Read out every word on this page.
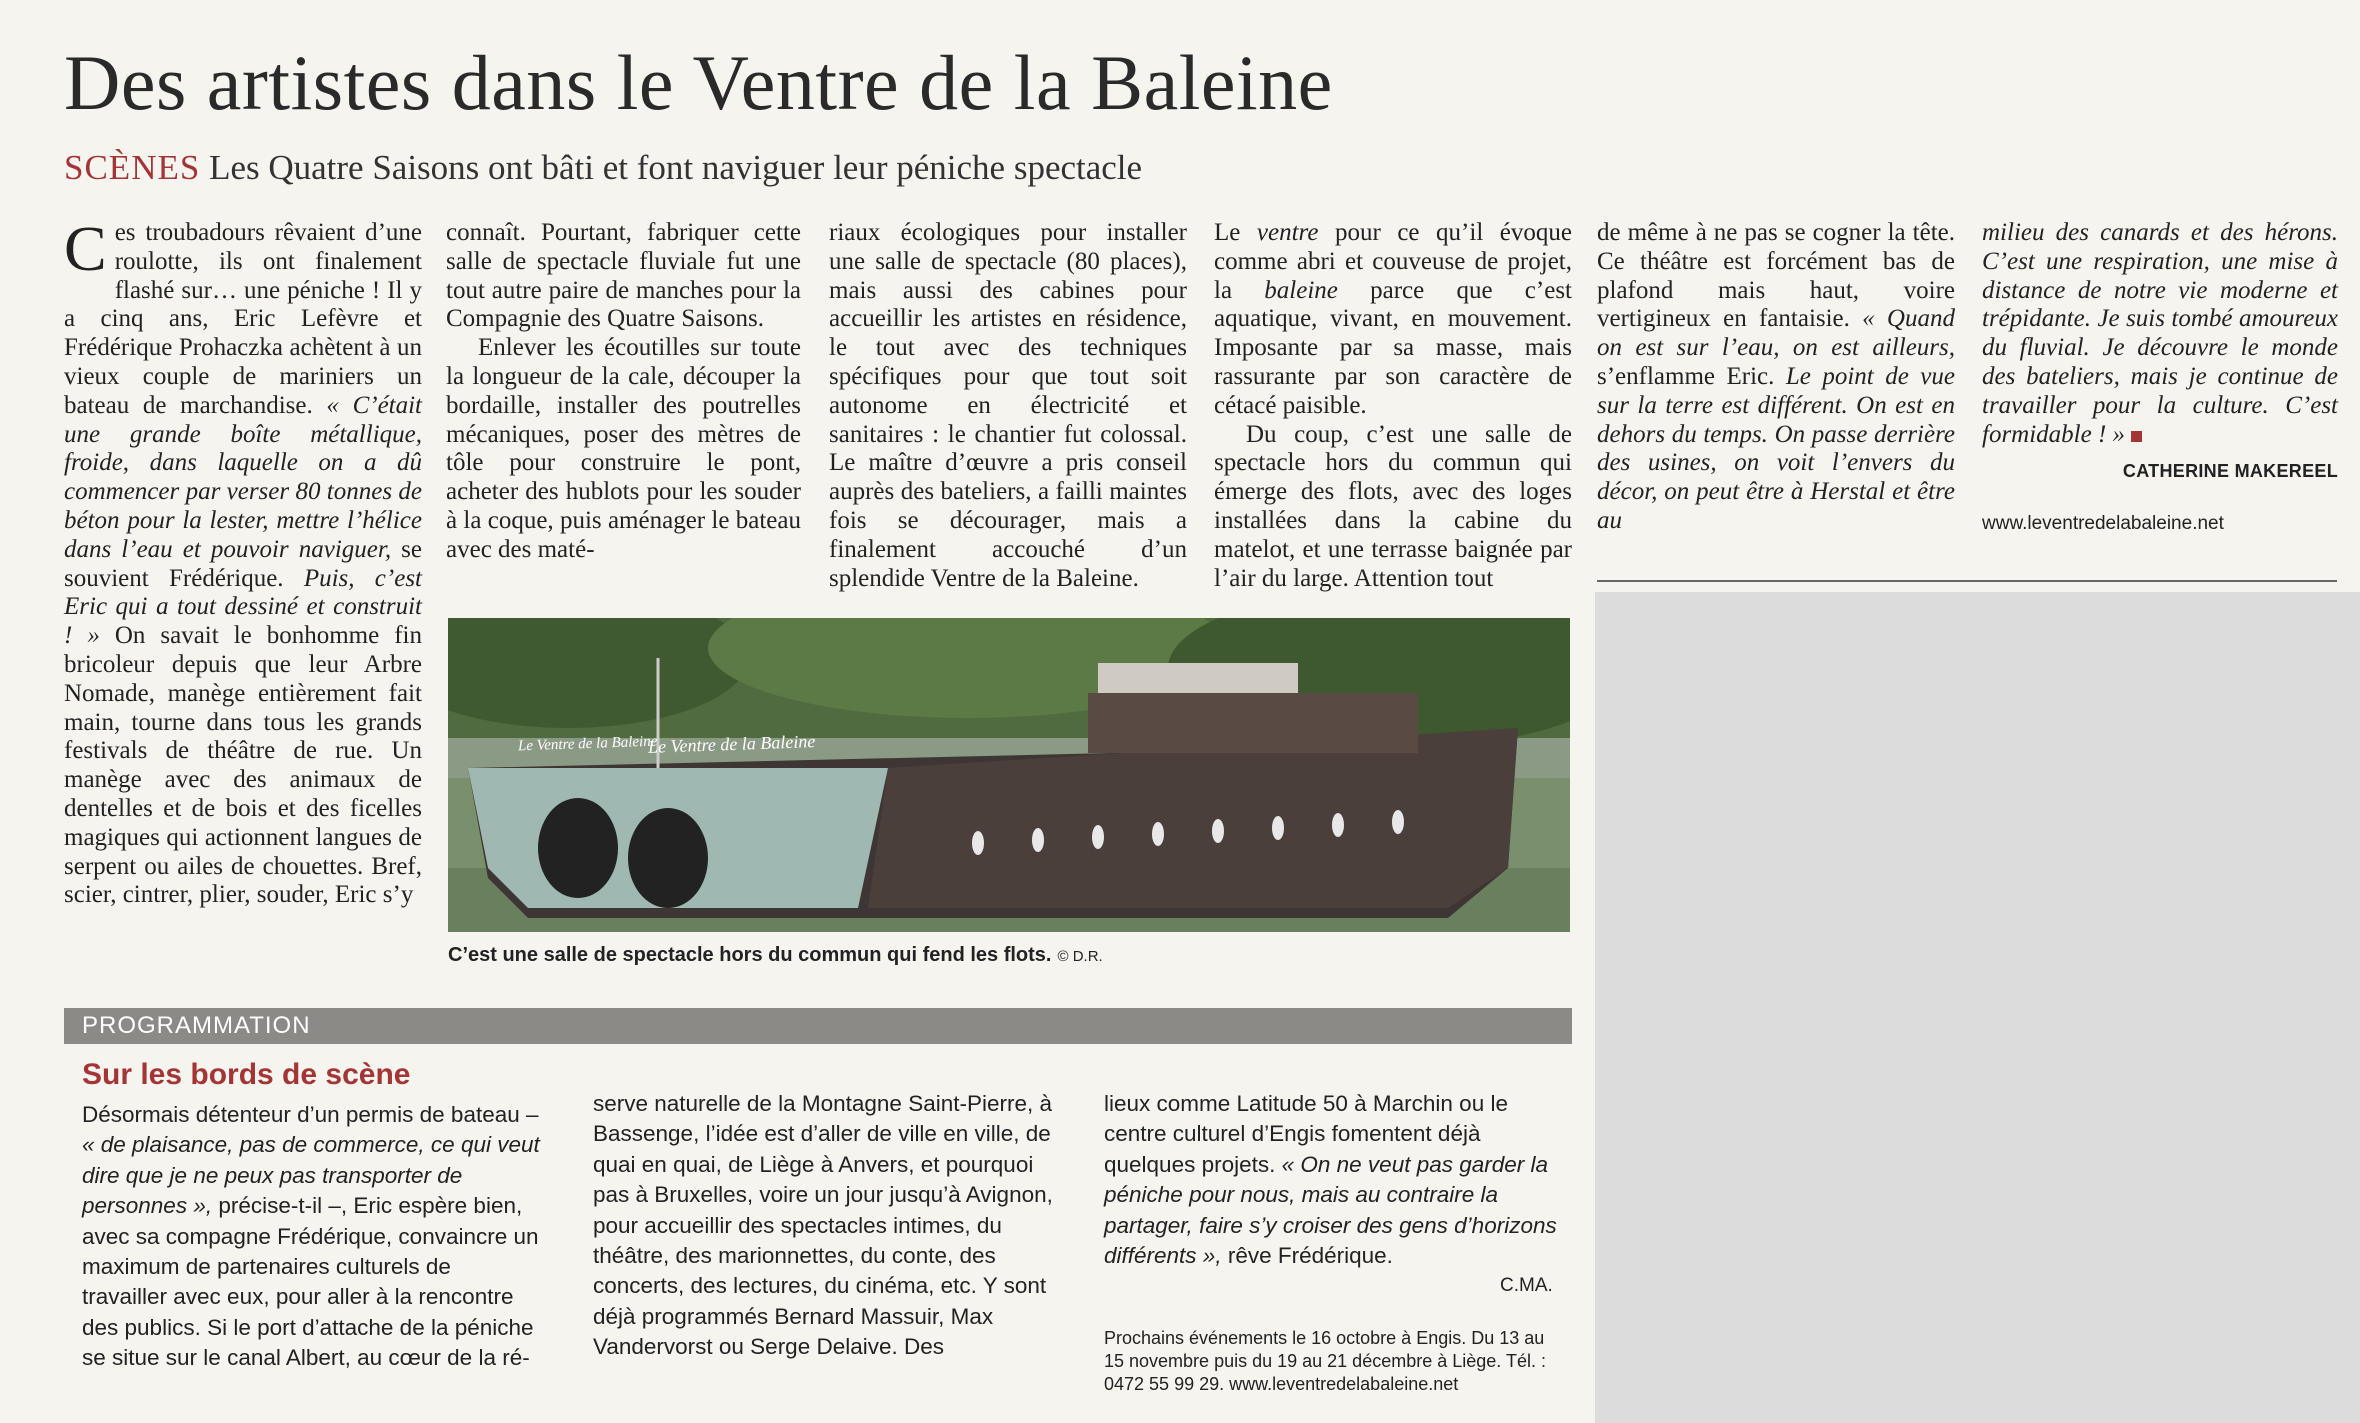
Des artistes dans le Ventre de la Baleine
SCÈNES Les Quatre Saisons ont bâti et font naviguer leur péniche spectacle

Ces troubadours rêvaient d’une roulotte, ils ont finalement flashé sur… une péniche ! Il y a cinq ans, Eric Lefèvre et Frédérique Prohaczka achètent à un vieux couple de mariniers un bateau de marchandise. « C’était une grande boîte métallique, froide, dans laquelle on a dû commencer par verser 80 tonnes de béton pour la lester, mettre l’hélice dans l’eau et pouvoir naviguer, se souvient Frédérique. Puis, c’est Eric qui a tout dessiné et construit ! » On savait le bonhomme fin bricoleur depuis que leur Arbre Nomade, manège entièrement fait main, tourne dans tous les grands festivals de théâtre de rue. Un manège avec des animaux de dentelles et de bois et des ficelles magiques qui actionnent langues de serpent ou ailes de chouettes. Bref, scier, cintrer, plier, souder, Eric s’y

connaît. Pourtant, fabriquer cette salle de spectacle fluviale fut une tout autre paire de manches pour la Compagnie des Quatre Saisons.

Enlever les écoutilles sur toute la longueur de la cale, découper la bordaille, installer des poutrelles mécaniques, poser des mètres de tôle pour construire le pont, acheter des hublots pour les souder à la coque, puis aménager le bateau avec des maté-

riaux écologiques pour installer une salle de spectacle (80 places), mais aussi des cabines pour accueillir les artistes en résidence, le tout avec des techniques spécifiques pour que tout soit autonome en électricité et sanitaires : le chantier fut colossal. Le maître d’œuvre a pris conseil auprès des bateliers, a failli maintes fois se décourager, mais a finalement accouché d’un splendide Ventre de la Baleine.

Le ventre pour ce qu’il évoque comme abri et couveuse de projet, la baleine parce que c’est aquatique, vivant, en mouvement. Imposante par sa masse, mais rassurante par son caractère de cétacé paisible.

Du coup, c’est une salle de spectacle hors du commun qui émerge des flots, avec des loges installées dans la cabine du matelot, et une terrasse baignée par l’air du large. Attention tout

de même à ne pas se cogner la tête. Ce théâtre est forcément bas de plafond mais haut, voire vertigineux en fantaisie. « Quand on est sur l’eau, on est ailleurs, s’enflamme Eric. Le point de vue sur la terre est différent. On est en dehors du temps. On passe derrière des usines, on voit l’envers du décor, on peut être à Herstal et être au

milieu des canards et des hérons. C’est une respiration, une mise à distance de notre vie moderne et trépidante. Je suis tombé amoureux du fluvial. Je découvre le monde des bateliers, mais je continue de travailler pour la culture. C’est formidable ! »

CATHERINE MAKEREEL
www.leventredelabaleine.net
Le Ventre de la Baleine
Le Ventre de la Baleine
C’est une salle de spectacle hors du commun qui fend les flots. © D.R.
PROGRAMMATION
Sur les bords de scène

Désormais détenteur d’un permis de bateau – « de plaisance, pas de commerce, ce qui veut dire que je ne peux pas transporter de personnes », précise-t-il –, Eric espère bien, avec sa compagne Frédérique, convaincre un maximum de partenaires culturels de travailler avec eux, pour aller à la rencontre des publics. Si le port d’attache de la péniche se situe sur le canal Albert, au cœur de la ré-

serve naturelle de la Montagne Saint-Pierre, à Bassenge, l’idée est d’aller de ville en ville, de quai en quai, de Liège à Anvers, et pourquoi pas à Bruxelles, voire un jour jusqu’à Avignon, pour accueillir des spectacles intimes, du théâtre, des marionnettes, du conte, des concerts, des lectures, du cinéma, etc. Y sont déjà programmés Bernard Massuir, Max Vandervorst ou Serge Delaive. Des

lieux comme Latitude 50 à Marchin ou le centre culturel d’Engis fomentent déjà quelques projets. « On ne veut pas garder la péniche pour nous, mais au contraire la partager, faire s’y croiser des gens d’horizons différents », rêve Frédérique.

C.MA.
Prochains événements le 16 octobre à Engis. Du 13 au 15 novembre puis du 19 au 21 décembre à Liège. Tél. : 0472 55 99 29. www.leventredelabaleine.net
